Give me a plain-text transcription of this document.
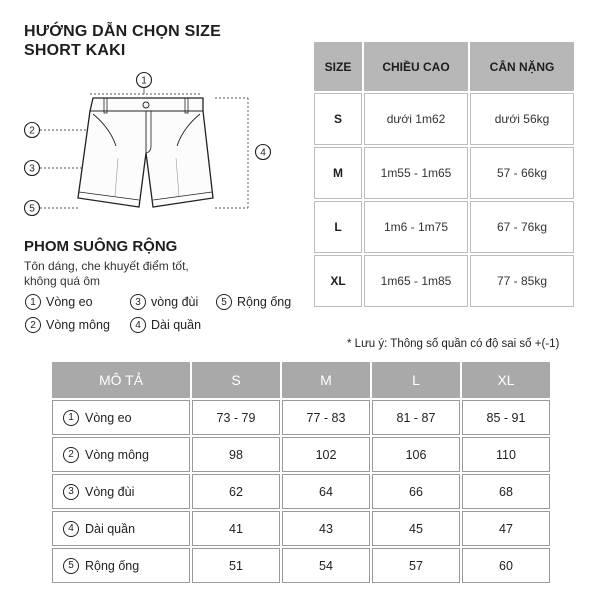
HƯỚNG DẪN CHỌN SIZE
SHORT KAKI
1
2
3
5
4
PHOM SUÔNG RỘNG
Tôn dáng, che khuyết điểm tốt,
không quá ôm
1 Vòng eo	3 vòng đùi	5 Rộng ống
2 Vòng mông	4 Dài quần
SIZE	CHIỀU CAO	CÂN NẶNG
S	dưới 1m62	dưới 56kg
M	1m55 - 1m65	57 - 66kg
L	1m6 - 1m75	67 - 76kg
XL	1m65 - 1m85	77 - 85kg
* Lưu ý: Thông số quần có độ sai số +(-1)
MÔ TẢ	S	M	L	XL

1 Vòng eo	73 - 79	77 - 83	81 - 87	85 - 91

2 Vòng mông	98	102	106	110

3 Vòng đùi	62	64	66	68

4 Dài quần	41	43	45	47

5 Rộng ống	51	54	57	60
